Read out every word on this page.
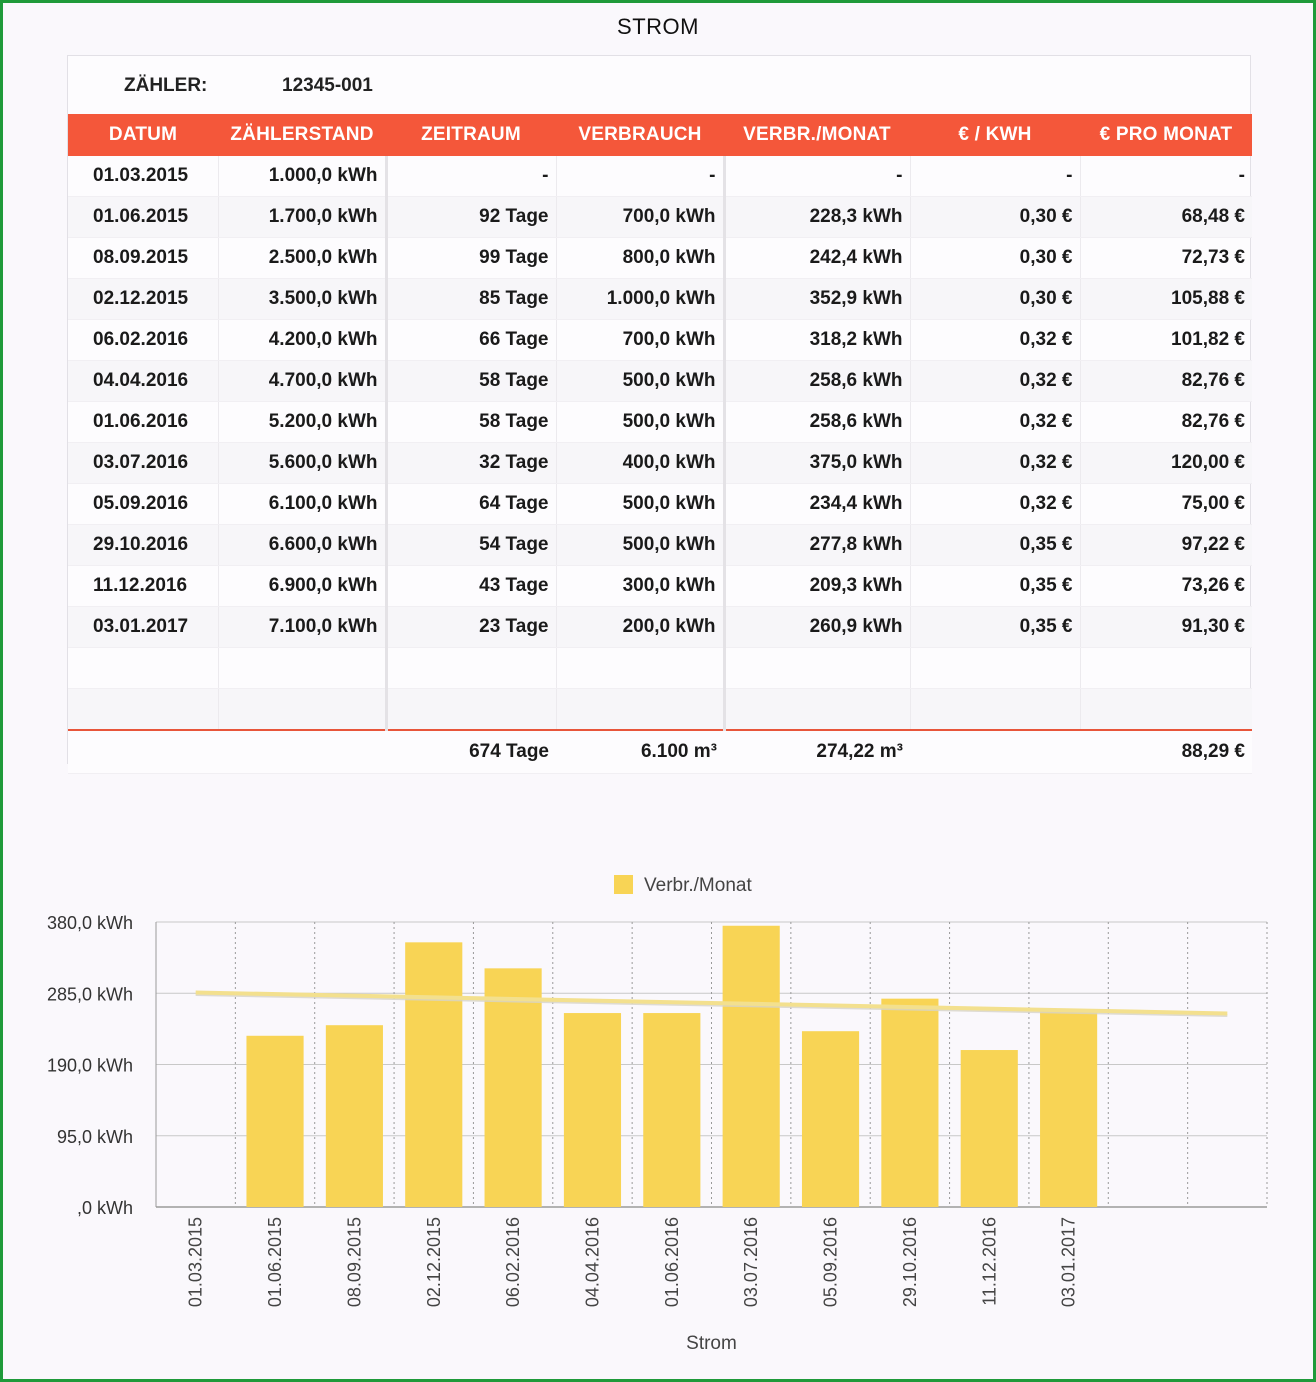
STROM
ZÄHLER:	12345-001
DATUM	ZÄHLERSTAND	ZEITRAUM	VERBRAUCH	VERBR./MONAT	€ / KWH	€ PRO MONAT
01.03.2015	1.000,0 kWh	-	-	-	-	-
01.06.2015	1.700,0 kWh	92 Tage	700,0 kWh	228,3 kWh	0,30 €	68,48 €
08.09.2015	2.500,0 kWh	99 Tage	800,0 kWh	242,4 kWh	0,30 €	72,73 €
02.12.2015	3.500,0 kWh	85 Tage	1.000,0 kWh	352,9 kWh	0,30 €	105,88 €
06.02.2016	4.200,0 kWh	66 Tage	700,0 kWh	318,2 kWh	0,32 €	101,82 €
04.04.2016	4.700,0 kWh	58 Tage	500,0 kWh	258,6 kWh	0,32 €	82,76 €
01.06.2016	5.200,0 kWh	58 Tage	500,0 kWh	258,6 kWh	0,32 €	82,76 €
03.07.2016	5.600,0 kWh	32 Tage	400,0 kWh	375,0 kWh	0,32 €	120,00 €
05.09.2016	6.100,0 kWh	64 Tage	500,0 kWh	234,4 kWh	0,32 €	75,00 €
29.10.2016	6.600,0 kWh	54 Tage	500,0 kWh	277,8 kWh	0,35 €	97,22 €
11.12.2016	6.900,0 kWh	43 Tage	300,0 kWh	209,3 kWh	0,35 €	73,26 €
03.01.2017	7.100,0 kWh	23 Tage	200,0 kWh	260,9 kWh	0,35 €	91,30 €

		674 Tage	6.100 m³	274,22 m³		88,29 €
,0 kWh
95,0 kWh
190,0 kWh
285,0 kWh
380,0 kWh
01.03.2015	01.06.2015	08.09.2015	02.12.2015	06.02.2016	04.04.2016	01.06.2016	03.07.2016	05.09.2016	29.10.2016	11.12.2016	03.01.2017
Strom
Verbr./Monat
